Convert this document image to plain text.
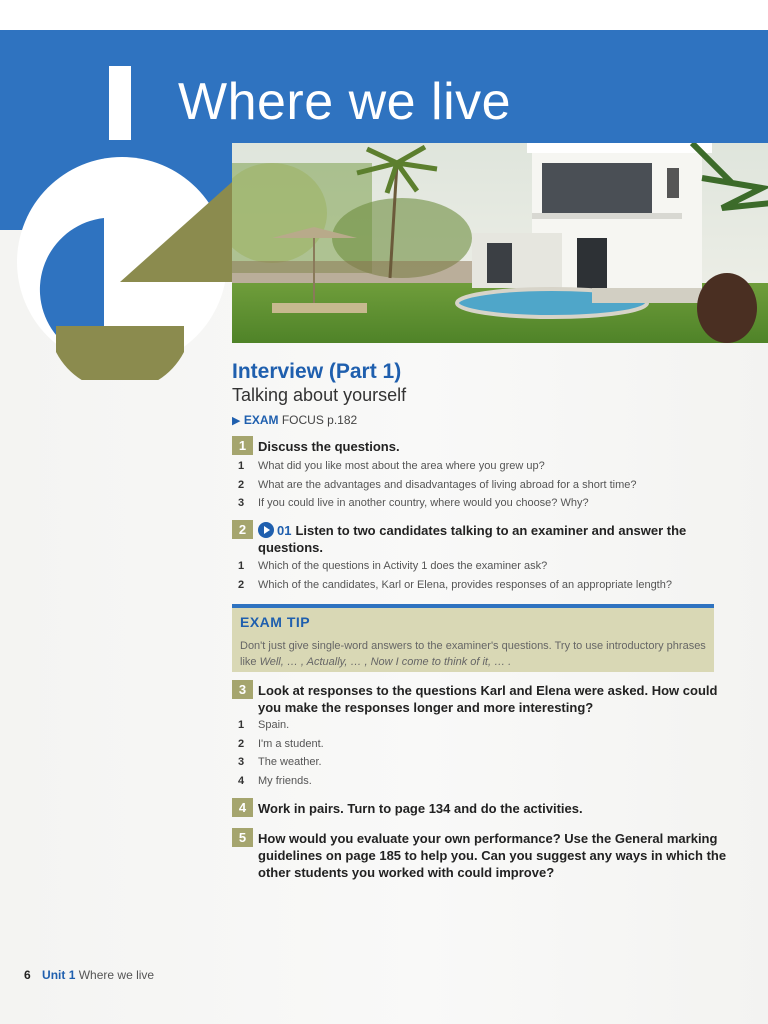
Where we live
Interview (Part 1)
Talking about yourself
▶ EXAM FOCUS p.182
1 Discuss the questions.
1 What did you like most about the area where you grew up?
2 What are the advantages and disadvantages of living abroad for a short time?
3 If you could live in another country, where would you choose? Why?
2	01 Listen to two candidates talking to an examiner and answer the questions.
1 Which of the questions in Activity 1 does the examiner ask?
2 Which of the candidates, Karl or Elena, provides responses of an appropriate length?
EXAM TIP
Don't just give single-word answers to the examiner's questions. Try to use introductory phrases like Well, … , Actually, … , Now I come to think of it, … .
3 Look at responses to the questions Karl and Elena were asked. How could you make the responses longer and more interesting?
1 Spain.
2 I'm a student.
3 The weather.
4 My friends.
4 Work in pairs. Turn to page 134 and do the activities.
5 How would you evaluate your own performance? Use the General marking guidelines on page 185 to help you. Can you suggest any ways in which the other students you worked with could improve?
6 Unit 1 Where we live
